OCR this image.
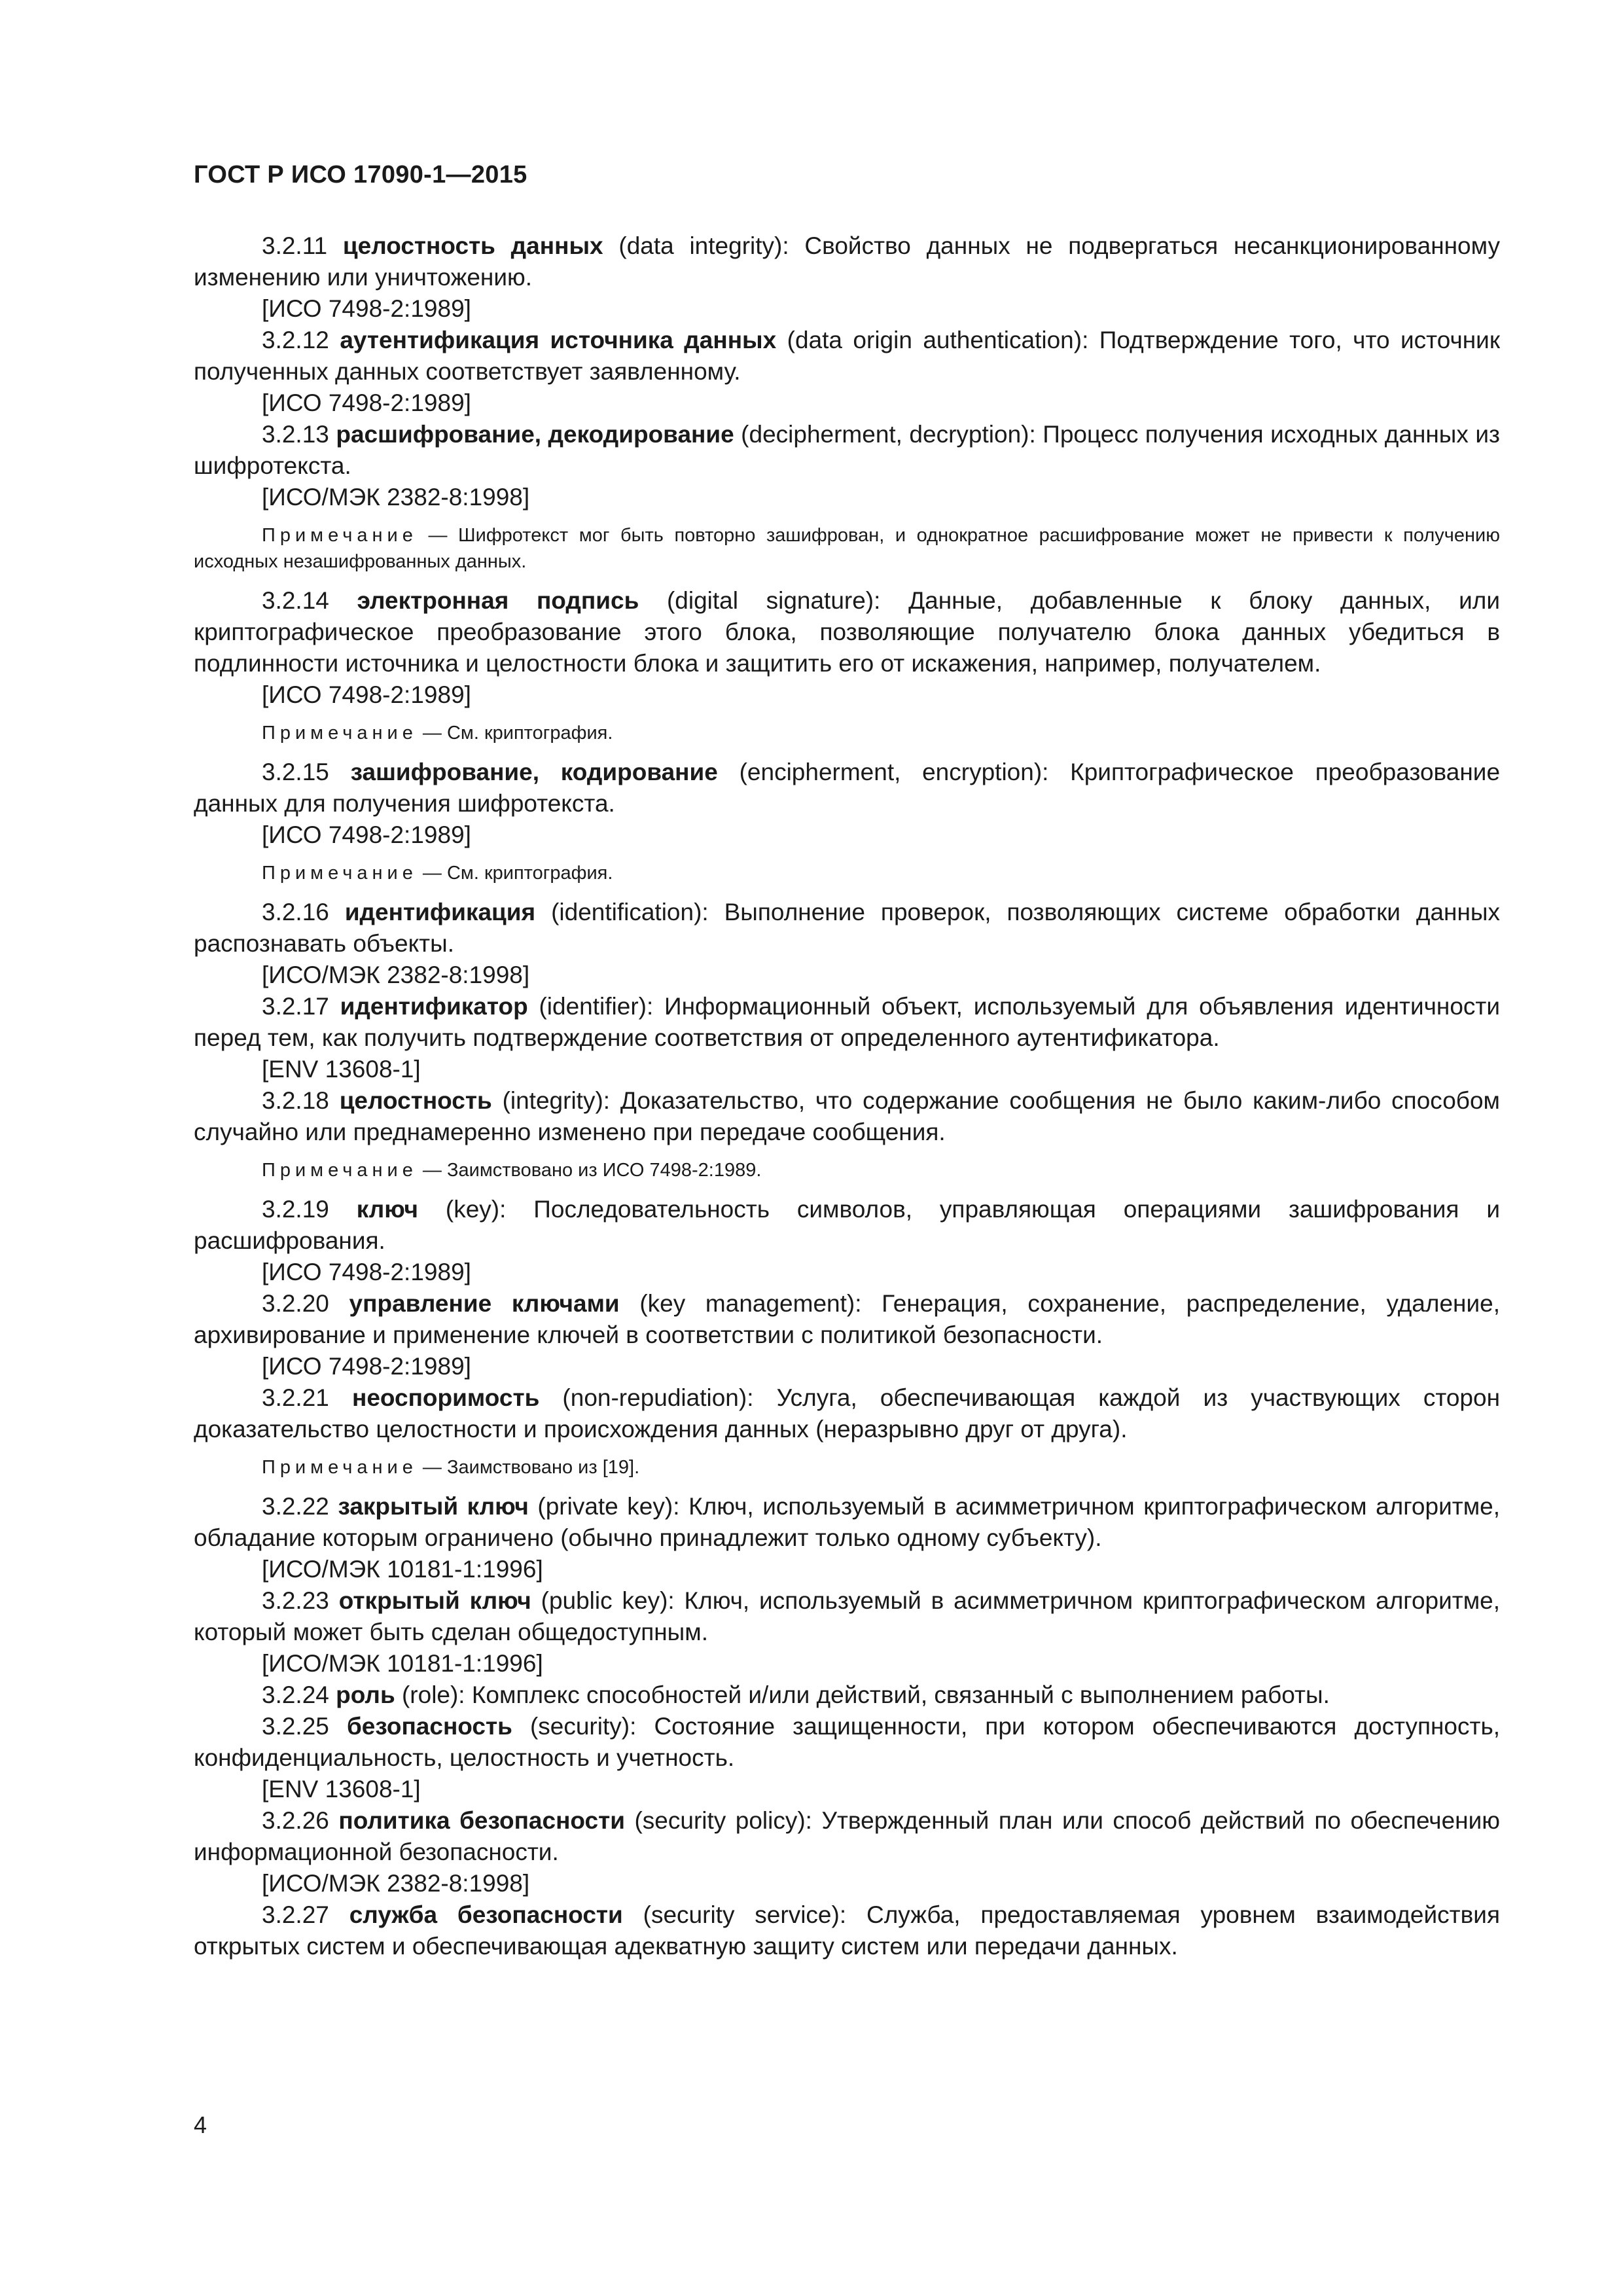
ГОСТ Р ИСО 17090-1—2015

3.2.11 целостность данных (data integrity): Свойство данных не подвергаться несанкционированному изменению или уничтожению.

[ИСО 7498-2:1989]

3.2.12 аутентификация источника данных (data origin authentication): Подтверждение того, что источник полученных данных соответствует заявленному.

[ИСО 7498-2:1989]

3.2.13 расшифрование, декодирование (decipherment, decryption): Процесс получения исходных данных из шифротекста.

[ИСО/МЭК 2382-8:1998]

Примечание — Шифротекст мог быть повторно зашифрован, и однократное расшифрование может не привести к получению исходных незашифрованных данных.

3.2.14 электронная подпись (digital signature): Данные, добавленные к блоку данных, или криптографическое преобразование этого блока, позволяющие получателю блока данных убедиться в подлинности источника и целостности блока и защитить его от искажения, например, получателем.

[ИСО 7498-2:1989]

Примечание — См. криптография.

3.2.15 зашифрование, кодирование (encipherment, encryption): Криптографическое преобразование данных для получения шифротекста.

[ИСО 7498-2:1989]

Примечание — См. криптография.

3.2.16 идентификация (identification): Выполнение проверок, позволяющих системе обработки данных распознавать объекты.

[ИСО/МЭК 2382-8:1998]

3.2.17 идентификатор (identifier): Информационный объект, используемый для объявления идентичности перед тем, как получить подтверждение соответствия от определенного аутентификатора.

[ENV 13608-1]

3.2.18 целостность (integrity): Доказательство, что содержание сообщения не было каким-либо способом случайно или преднамеренно изменено при передаче сообщения.

Примечание — Заимствовано из ИСО 7498-2:1989.

3.2.19 ключ (key): Последовательность символов, управляющая операциями зашифрования и расшифрования.

[ИСО 7498-2:1989]

3.2.20 управление ключами (key management): Генерация, сохранение, распределение, удаление, архивирование и применение ключей в соответствии с политикой безопасности.

[ИСО 7498-2:1989]

3.2.21 неоспоримость (non-repudiation): Услуга, обеспечивающая каждой из участвующих сторон доказательство целостности и происхождения данных (неразрывно друг от друга).

Примечание — Заимствовано из [19].

3.2.22 закрытый ключ (private key): Ключ, используемый в асимметричном криптографическом алгоритме, обладание которым ограничено (обычно принадлежит только одному субъекту).

[ИСО/МЭК 10181-1:1996]

3.2.23 открытый ключ (public key): Ключ, используемый в асимметричном криптографическом алгоритме, который может быть сделан общедоступным.

[ИСО/МЭК 10181-1:1996]

3.2.24 роль (role): Комплекс способностей и/или действий, связанный с выполнением работы.

3.2.25 безопасность (security): Состояние защищенности, при котором обеспечиваются доступность, конфиденциальность, целостность и учетность.

[ENV 13608-1]

3.2.26 политика безопасности (security policy): Утвержденный план или способ действий по обеспечению информационной безопасности.

[ИСО/МЭК 2382-8:1998]

3.2.27 служба безопасности (security service): Служба, предоставляемая уровнем взаимодействия открытых систем и обеспечивающая адекватную защиту систем или передачи данных.

4
